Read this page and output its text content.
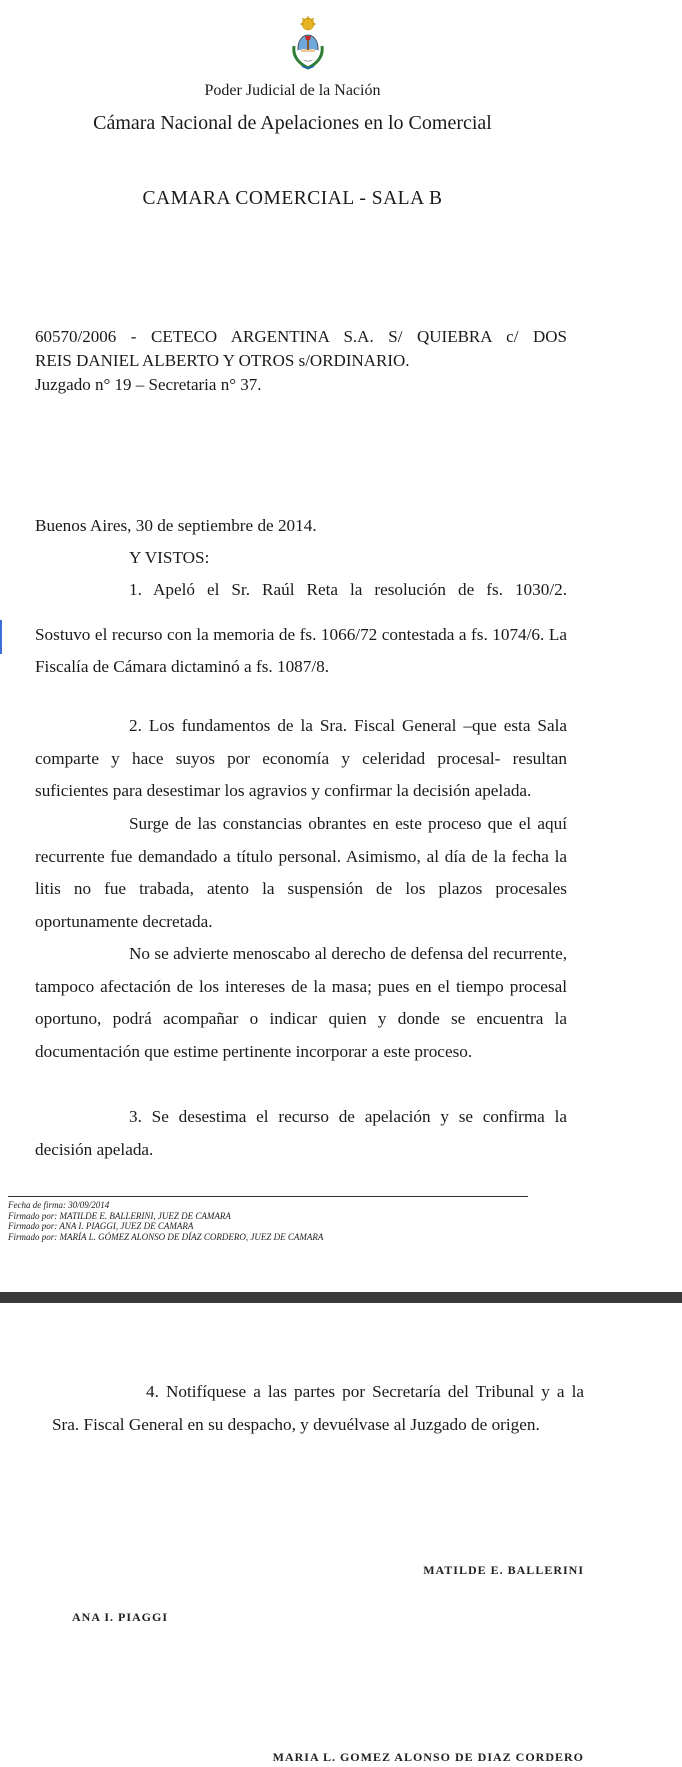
Poder Judicial de la Nación
Cámara Nacional de Apelaciones en lo Comercial
CAMARA COMERCIAL - SALA B
60570/2006 - CETECO ARGENTINA S.A. S/ QUIEBRA c/ DOS
REIS DANIEL ALBERTO Y OTROS s/ORDINARIO.
Juzgado n° 19 – Secretaria n° 37.
Buenos Aires, 30 de septiembre de 2014.
Y VISTOS:
1. Apeló el Sr. Raúl Reta la resolución de fs. 1030/2.
Sostuvo el recurso con la memoria de fs. 1066/72 contestada a fs. 1074/6. La Fiscalía de Cámara dictaminó a fs. 1087/8.
2. Los fundamentos de la Sra. Fiscal General –que esta Sala comparte y hace suyos por economía y celeridad procesal- resultan suficientes para desestimar los agravios y confirmar la decisión apelada.
Surge de las constancias obrantes en este proceso que el aquí recurrente fue demandado a título personal. Asimismo, al día de la fecha la litis no fue trabada, atento la suspensión de los plazos procesales oportunamente decretada.
No se advierte menoscabo al derecho de defensa del recurrente, tampoco afectación de los intereses de la masa; pues en el tiempo procesal oportuno, podrá acompañar o indicar quien y donde se encuentra la documentación que estime pertinente incorporar a este proceso.
3. Se desestima el recurso de apelación y se confirma la decisión apelada.
Fecha de firma: 30/09/2014
Firmado por: MATILDE E. BALLERINI, JUEZ DE CAMARA
Firmado por: ANA I. PIAGGI, JUEZ DE CAMARA
Firmado por: MARÍA L. GÓMEZ ALONSO DE DÍAZ CORDERO, JUEZ DE CAMARA
4. Notifíquese a las partes por Secretaría del Tribunal y a la Sra. Fiscal General en su despacho, y devuélvase al Juzgado de origen.
MATILDE E. BALLERINI
ANA I. PIAGGI
MARIA L. GOMEZ ALONSO DE DIAZ CORDERO
